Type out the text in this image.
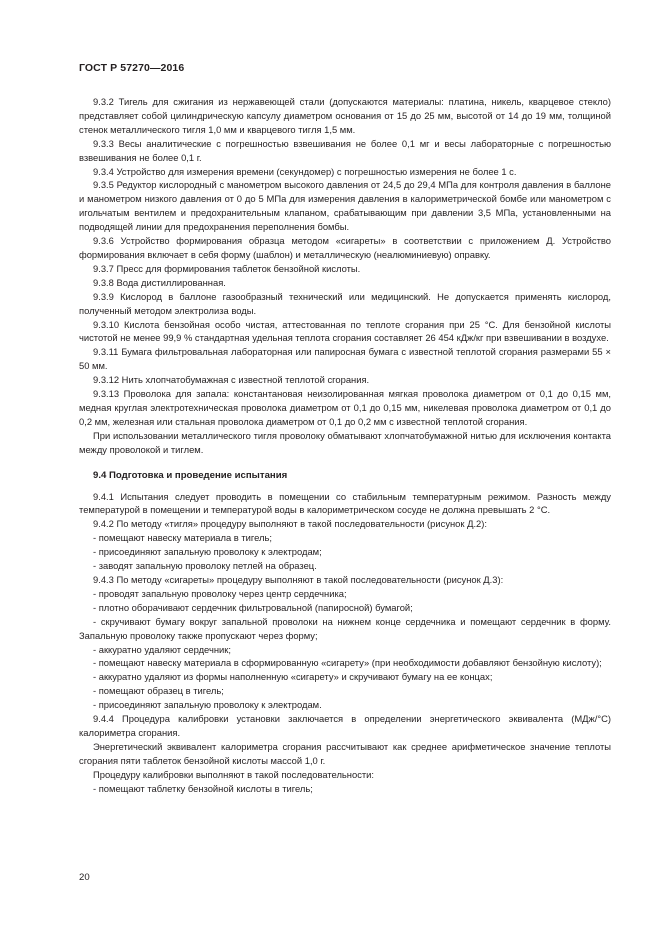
ГОСТ Р 57270—2016

9.3.2 Тигель для сжигания из нержавеющей стали (допускаются материалы: платина, никель, кварцевое стекло) представляет собой цилиндрическую капсулу диаметром основания от 15 до 25 мм, высотой от 14 до 19 мм, толщиной стенок металлического тигля 1,0 мм и кварцевого тигля 1,5 мм.

9.3.3 Весы аналитические с погрешностью взвешивания не более 0,1 мг и весы лабораторные с погрешностью взвешивания не более 0,1 г.

9.3.4 Устройство для измерения времени (секундомер) с погрешностью измерения не более 1 с.

9.3.5 Редуктор кислородный с манометром высокого давления от 24,5 до 29,4 МПа для контроля давления в баллоне и манометром низкого давления от 0 до 5 МПа для измерения давления в калориметрической бомбе или манометром с игольчатым вентилем и предохранительным клапаном, срабатывающим при давлении 3,5 МПа, установленными на подводящей линии для предохранения переполнения бомбы.

9.3.6 Устройство формирования образца методом «сигареты» в соответствии с приложением Д. Устройство формирования включает в себя форму (шаблон) и металлическую (неалюминиевую) оправку.

9.3.7 Пресс для формирования таблеток бензойной кислоты.

9.3.8 Вода дистиллированная.

9.3.9 Кислород в баллоне газообразный технический или медицинский. Не допускается применять кислород, полученный методом электролиза воды.

9.3.10 Кислота бензойная особо чистая, аттестованная по теплоте сгорания при 25 °С. Для бензойной кислоты чистотой не менее 99,9 % стандартная удельная теплота сгорания составляет 26 454 кДж/кг при взвешивании в воздухе.

9.3.11 Бумага фильтровальная лабораторная или папиросная бумага с известной теплотой сгорания размерами 55 × 50 мм.

9.3.12 Нить хлопчатобумажная с известной теплотой сгорания.

9.3.13 Проволока для запала: константановая неизолированная мягкая проволока диаметром от 0,1 до 0,15 мм, медная круглая электротехническая проволока диаметром от 0,1 до 0,15 мм, никелевая проволока диаметром от 0,1 до 0,2 мм, железная или стальная проволока диаметром от 0,1 до 0,2 мм с известной теплотой сгорания.

При использовании металлического тигля проволоку обматывают хлопчатобумажной нитью для исключения контакта между проволокой и тиглем.

9.4 Подготовка и проведение испытания

9.4.1 Испытания следует проводить в помещении со стабильным температурным режимом. Разность между температурой в помещении и температурой воды в калориметрическом сосуде не должна превышать 2 °С.

9.4.2 По методу «тигля» процедуру выполняют в такой последовательности (рисунок Д.2):

- помещают навеску материала в тигель;

- присоединяют запальную проволоку к электродам;

- заводят запальную проволоку петлей на образец.

9.4.3 По методу «сигареты» процедуру выполняют в такой последовательности (рисунок Д.3):

- проводят запальную проволоку через центр сердечника;

- плотно оборачивают сердечник фильтровальной (папиросной) бумагой;

- скручивают бумагу вокруг запальной проволоки на нижнем конце сердечника и помещают сердечник в форму. Запальную проволоку также пропускают через форму;

- аккуратно удаляют сердечник;

- помещают навеску материала в сформированную «сигарету» (при необходимости добавляют бензойную кислоту);

- аккуратно удаляют из формы наполненную «сигарету» и скручивают бумагу на ее концах;

- помещают образец в тигель;

- присоединяют запальную проволоку к электродам.

9.4.4 Процедура калибровки установки заключается в определении энергетического эквивалента (МДж/°С) калориметра сгорания.

Энергетический эквивалент калориметра сгорания рассчитывают как среднее арифметическое значение теплоты сгорания пяти таблеток бензойной кислоты массой 1,0 г.

Процедуру калибровки выполняют в такой последовательности:

- помещают таблетку бензойной кислоты в тигель;

20
